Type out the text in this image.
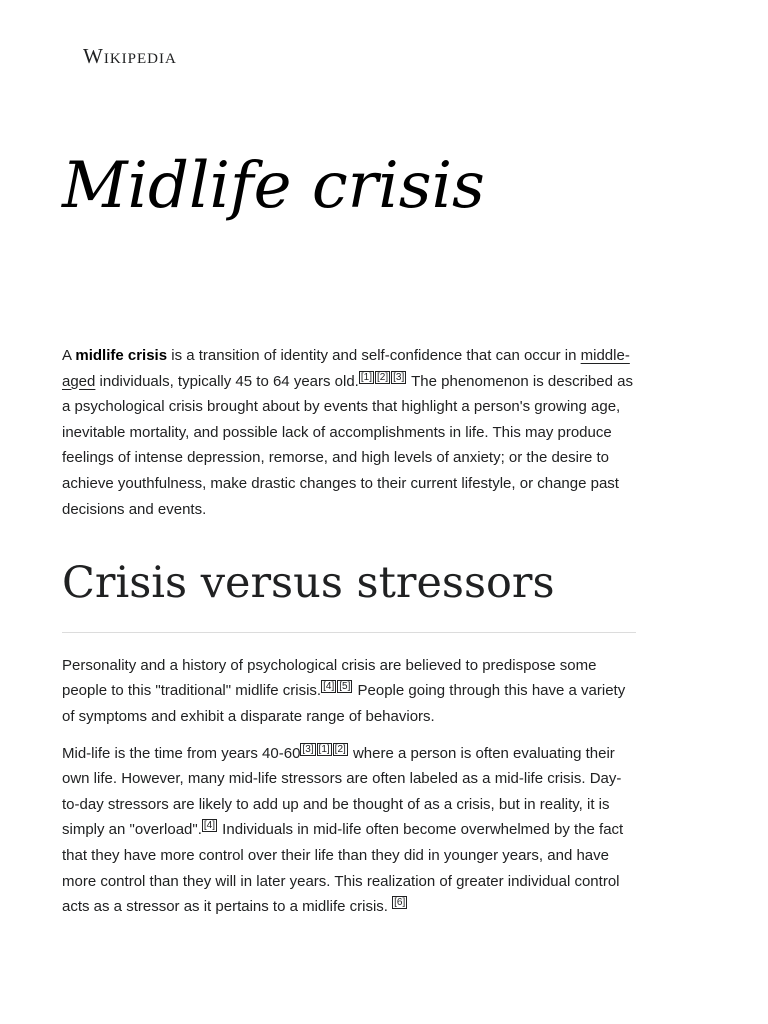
Wikipedia
Midlife crisis

A midlife crisis is a transition of identity and self-confidence that can occur in middle-aged individuals, typically 45 to 64 years old. [1] [2] [3] The phenomenon is described as a psychological crisis brought about by events that highlight a person's growing age, inevitable mortality, and possible lack of accomplishments in life. This may produce feelings of intense depression, remorse, and high levels of anxiety; or the desire to achieve youthfulness, make drastic changes to their current lifestyle, or change past decisions and events.

Crisis versus stressors

Personality and a history of psychological crisis are believed to predispose some people to this "traditional" midlife crisis. [4] [5] People going through this have a variety of symptoms and exhibit a disparate range of behaviors.

Mid-life is the time from years 40-60 [3] [1] [2] where a person is often evaluating their own life. However, many mid-life stressors are often labeled as a mid-life crisis. Day-to-day stressors are likely to add up and be thought of as a crisis, but in reality, it is simply an "overload". [4] Individuals in mid-life often become overwhelmed by the fact that they have more control over their life than they did in younger years, and have more control than they will in later years. This realization of greater individual control acts as a stressor as it pertains to a midlife crisis. [6]
